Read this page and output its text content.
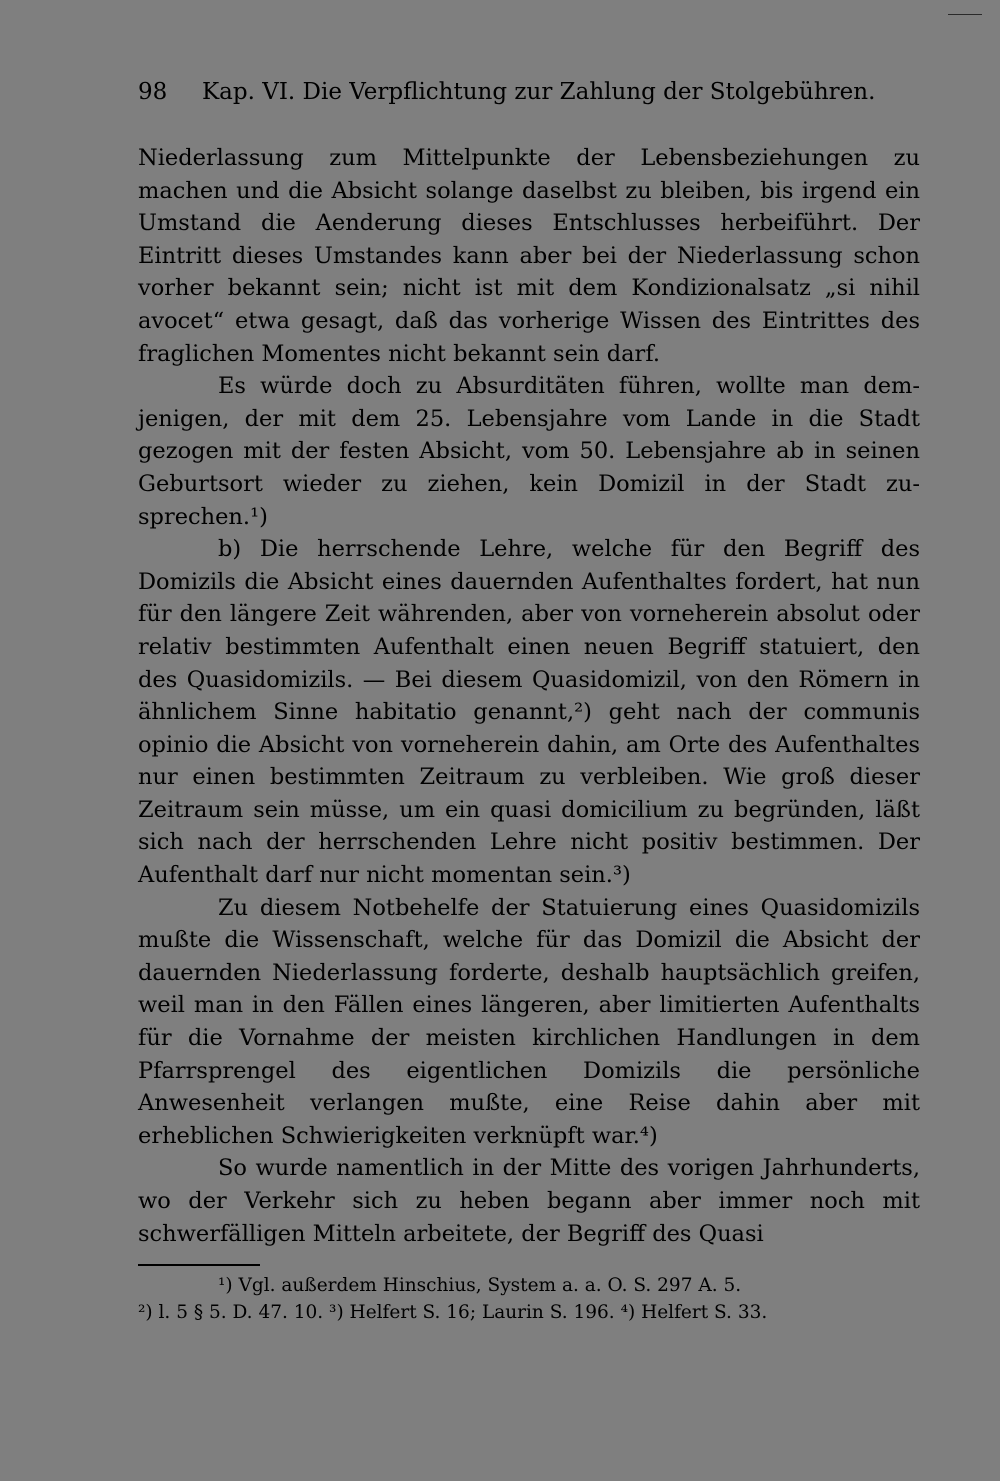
98 Kap. VI. Die Verpflichtung zur Zahlung der Stolgebühren.

Niederlassung zum Mittelpunkte der Lebensbeziehungen zu machen und die Absicht solange daselbst zu bleiben, bis irgend ein Umstand die Aenderung dieses Entschlusses herbeiführt. Der Eintritt dieses Umstandes kann aber bei der Niederlassung schon vorher bekannt sein; nicht ist mit dem Kondizionalsatz „si nihil avocet“ etwa gesagt, daß das vorherige Wissen des Eintrittes des fraglichen Momentes nicht bekannt sein darf.

Es würde doch zu Absurditäten führen, wollte man demjenigen, der mit dem 25. Lebensjahre vom Lande in die Stadt gezogen mit der festen Absicht, vom 50. Lebensjahre ab in seinen Geburtsort wieder zu ziehen, kein Domizil in der Stadt zusprechen.¹)

b) Die herrschende Lehre, welche für den Begriff des Domizils die Absicht eines dauernden Aufenthaltes fordert, hat nun für den längere Zeit währenden, aber von vorneherein absolut oder relativ bestimmten Aufenthalt einen neuen Begriff statuiert, den des Quasidomizils. — Bei diesem Quasidomizil, von den Römern in ähnlichem Sinne habitatio genannt,²) geht nach der communis opinio die Absicht von vorneherein dahin, am Orte des Aufenthaltes nur einen bestimmten Zeitraum zu verbleiben. Wie groß dieser Zeitraum sein müsse, um ein quasi domicilium zu begründen, läßt sich nach der herrschenden Lehre nicht positiv bestimmen. Der Aufenthalt darf nur nicht momentan sein.³)

Zu diesem Notbehelfe der Statuierung eines Quasidomizils mußte die Wissenschaft, welche für das Domizil die Absicht der dauernden Niederlassung forderte, deshalb hauptsächlich greifen, weil man in den Fällen eines längeren, aber limitierten Aufenthalts für die Vornahme der meisten kirchlichen Handlungen in dem Pfarrsprengel des eigentlichen Domizils die persönliche Anwesenheit verlangen mußte, eine Reise dahin aber mit erheblichen Schwierigkeiten verknüpft war.⁴)

So wurde namentlich in der Mitte des vorigen Jahrhunderts, wo der Verkehr sich zu heben begann aber immer noch mit schwerfälligen Mitteln arbeitete, der Begriff des Quasi

¹) Vgl. außerdem Hinschius, System a. a. O. S. 297 A. 5.

²) l. 5 § 5. D. 47. 10. ³) Helfert S. 16; Laurin S. 196. ⁴) Helfert S. 33.
